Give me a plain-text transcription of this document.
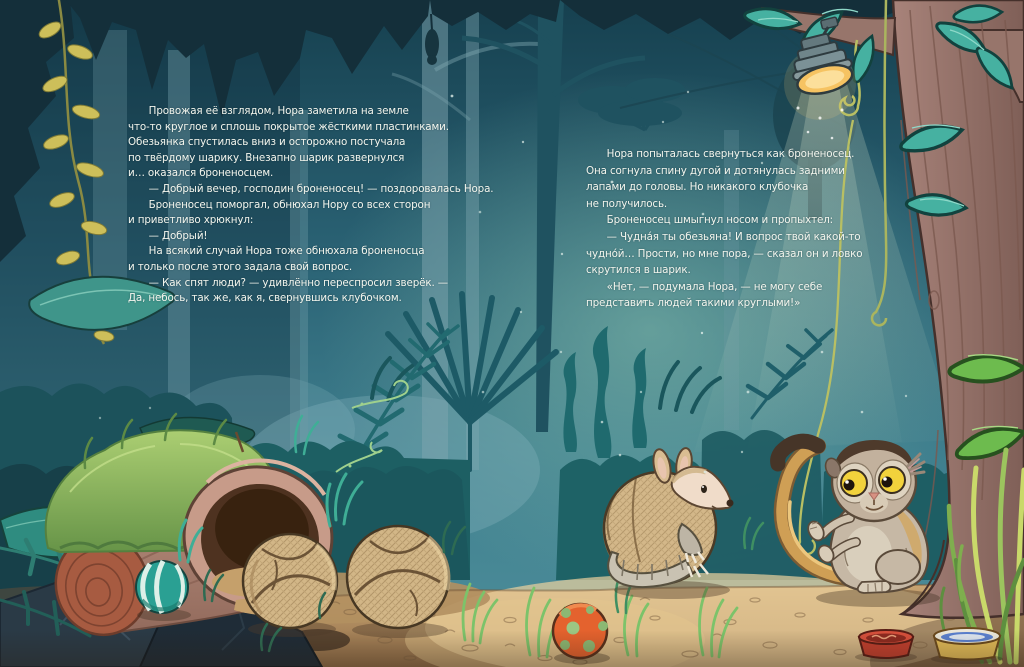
Провожая её взглядом, Нора заметила на земле
что-то круглое и сплошь покрытое жёсткими пластинками.
Обезьянка спустилась вниз и осторожно постучала
по твёрдому шарику. Внезапно шарик развернулся
и… оказался броненосцем.
— Добрый вечер, господин броненосец! — поздоровалась Нора.
Броненосец поморгал, обнюхал Нору со всех сторон
и приветливо хрюкнул:
— Добрый!
На всякий случай Нора тоже обнюхала броненосца
и только после этого задала свой вопрос.
— Как спят люди? — удивлённо переспросил зверёк. —
Да, небось, так же, как я, свернувшись клубочком.
Нора попыталась свернуться как броненосец.
Она согнула спину дугой и дотянулась задними
лапами до головы. Но никакого клубочка
не получилось.
Броненосец шмыгнул носом и пропыхтел:
— Чудна́я ты обезьяна! И вопрос твой какой-то
чудно́й… Прости, но мне пора, — сказал он и ловко
скрутился в шарик.
«Нет, — подумала Нора, — не могу себе
представить людей такими круглыми!»
